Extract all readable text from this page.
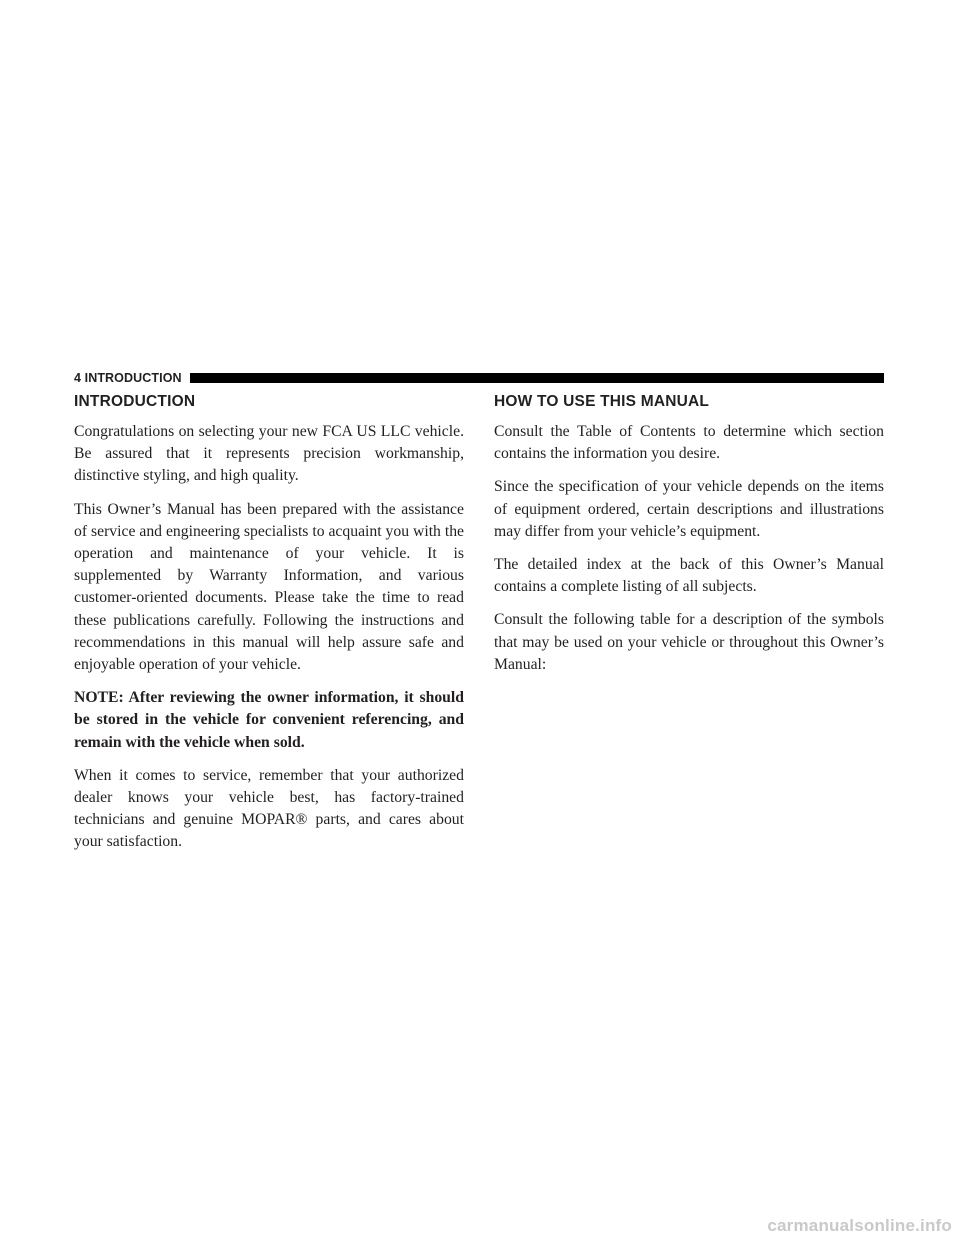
4 INTRODUCTION
INTRODUCTION

Congratulations on selecting your new FCA US LLC vehicle. Be assured that it represents precision workmanship, distinctive styling, and high quality.

This Owner’s Manual has been prepared with the assistance of service and engineering specialists to acquaint you with the operation and maintenance of your vehicle. It is supplemented by Warranty Information, and various customer-oriented documents. Please take the time to read these publications carefully. Following the instructions and recommendations in this manual will help assure safe and enjoyable operation of your vehicle.

NOTE: After reviewing the owner information, it should be stored in the vehicle for convenient referencing, and remain with the vehicle when sold.

When it comes to service, remember that your authorized dealer knows your vehicle best, has factory-trained technicians and genuine MOPAR® parts, and cares about your satisfaction.

HOW TO USE THIS MANUAL

Consult the Table of Contents to determine which section contains the information you desire.

Since the specification of your vehicle depends on the items of equipment ordered, certain descriptions and illustrations may differ from your vehicle’s equipment.

The detailed index at the back of this Owner’s Manual contains a complete listing of all subjects.

Consult the following table for a description of the symbols that may be used on your vehicle or throughout this Owner’s Manual:

carmanualsonline.info
